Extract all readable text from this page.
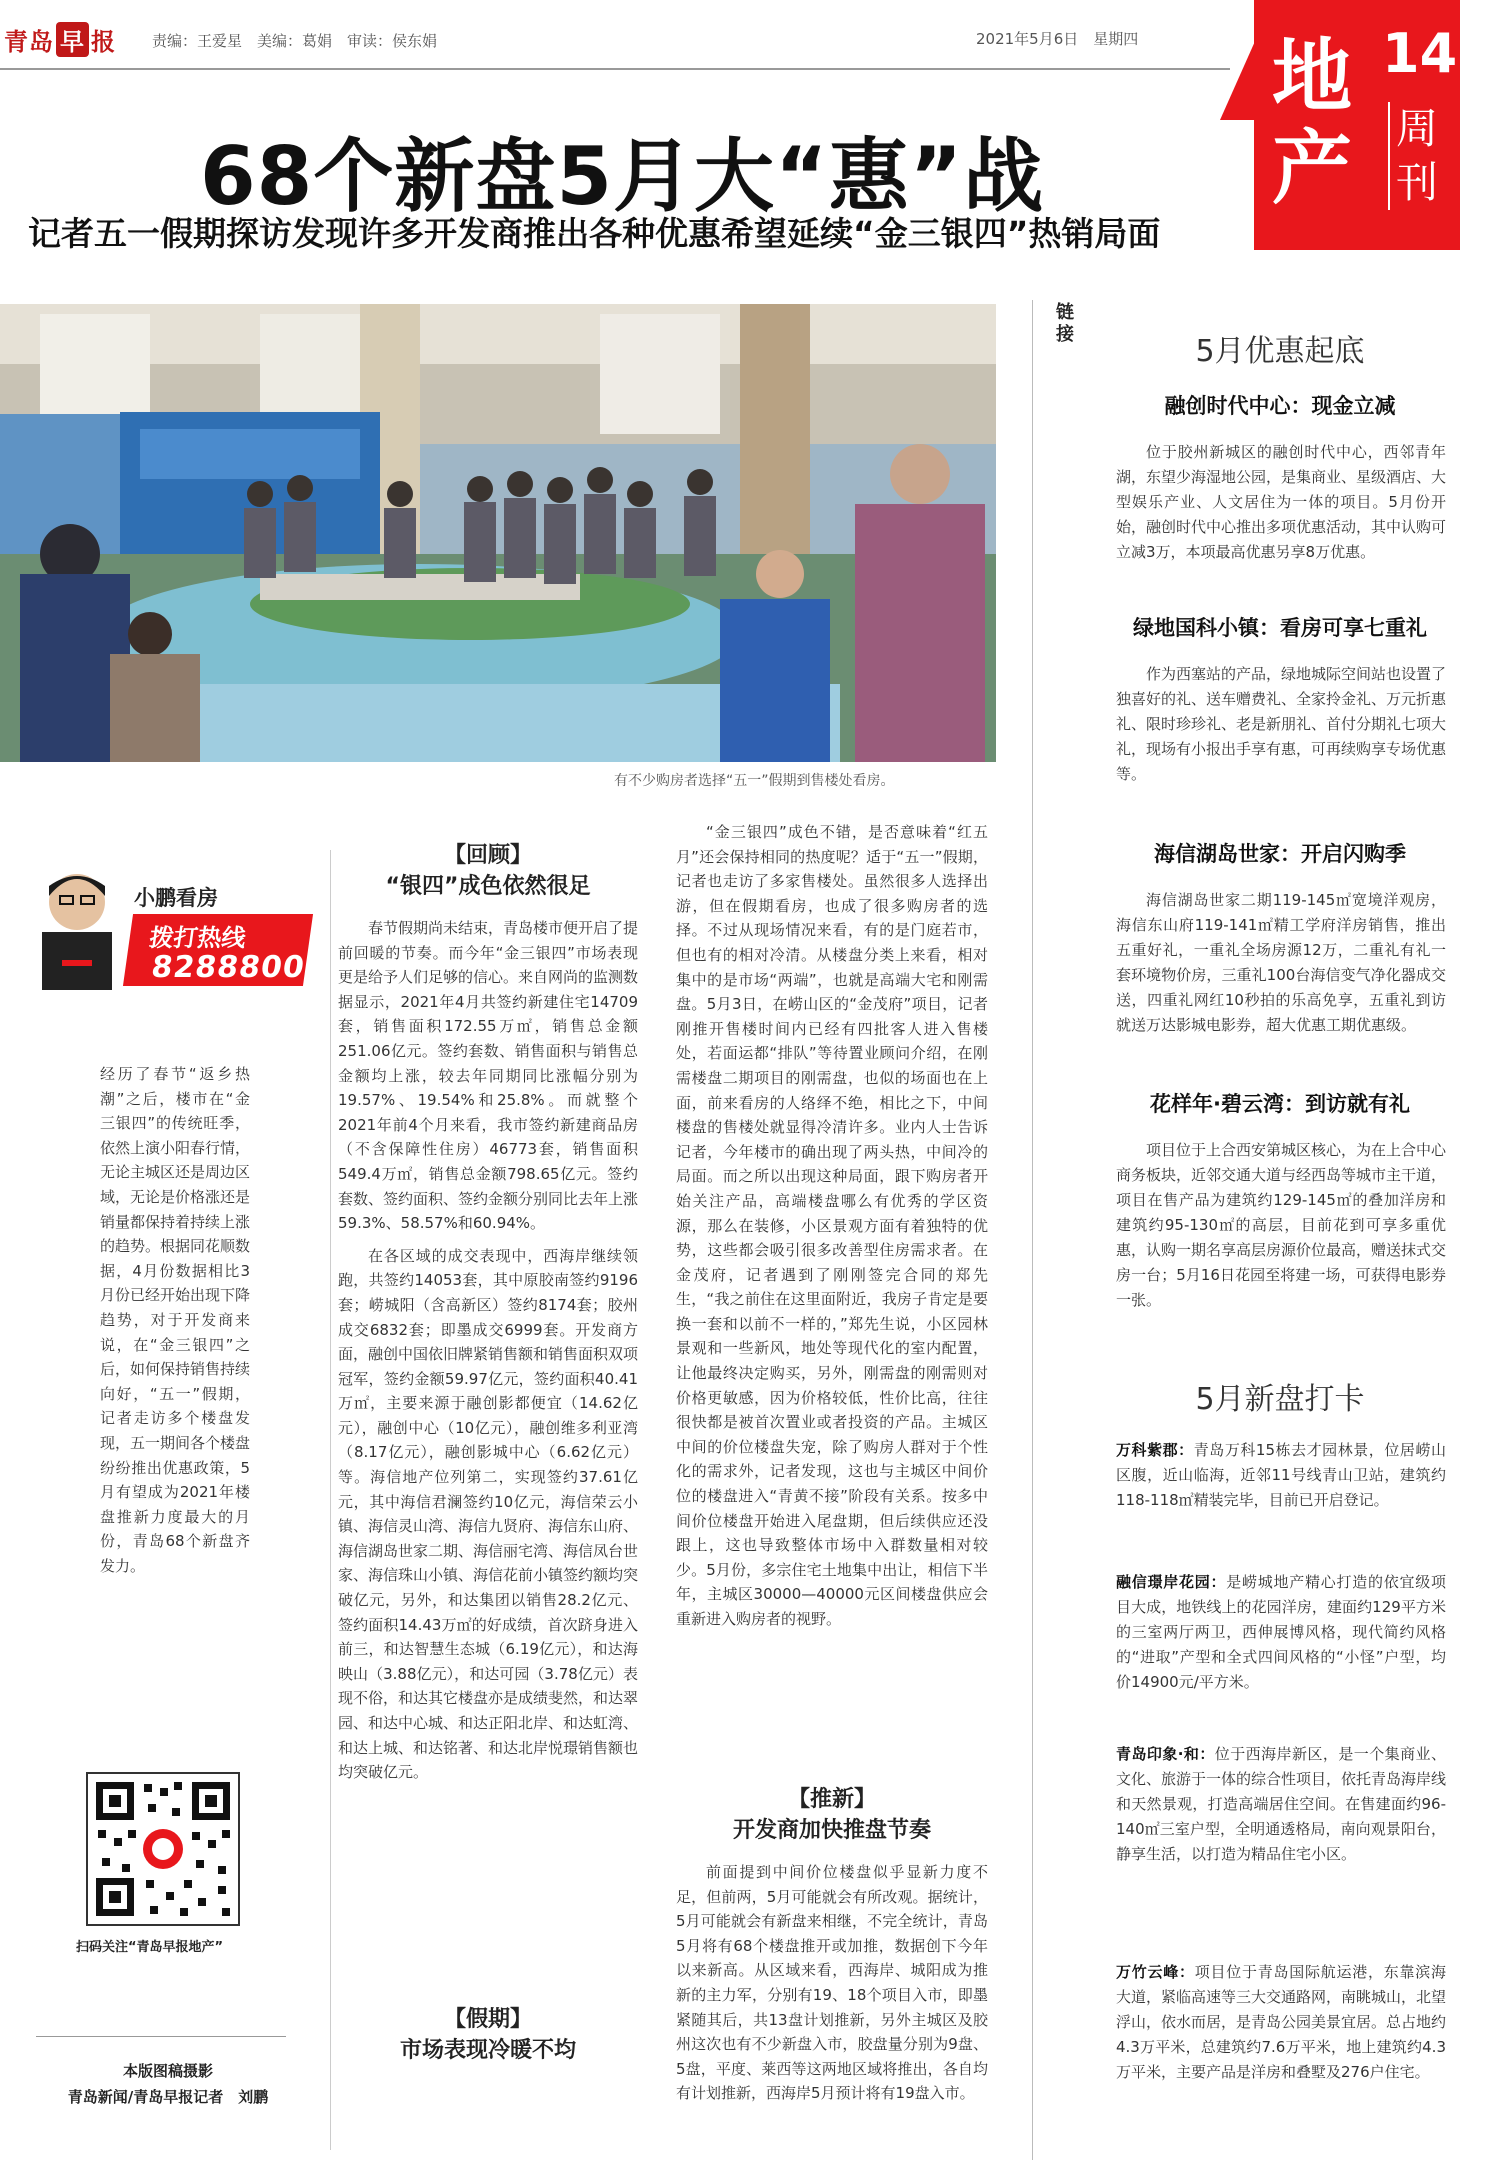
青岛 早 报 责编：王爱星　美编：葛娟　审读：侯东娟	2021年5月6日　星期四 地产
14
周刊
68个新盘5月大“惠”战
记者五一假期探访发现许多开发商推出各种优惠希望延续“金三银四”热销局面
有不少购房者选择“五一”假期到售楼处看房。
小鹏看房
拨打热线
82888000
经历了春节“返乡热潮”之后，楼市在“金三银四”的传统旺季，依然上演小阳春行情，无论主城区还是周边区域，无论是价格涨还是销量都保持着持续上涨的趋势。根据同花顺数据，4月份数据相比3月份已经开始出现下降趋势，对于开发商来说，在“金三银四”之后，如何保持销售持续向好，“五一”假期，记者走访多个楼盘发现，五一期间各个楼盘纷纷推出优惠政策，5月有望成为2021年楼盘推新力度最大的月份，青岛68个新盘齐发力。
扫码关注“青岛早报地产”
本版图稿摄影
青岛新闻/青岛早报记者　刘鹏
【回顾】
“银四”成色依然很足
春节假期尚未结束，青岛楼市便开启了提前回暖的节奏。而今年“金三银四”市场表现更是给予人们足够的信心。来自网尚的监测数据显示，2021年4月共签约新建住宅14709套，销售面积172.55万㎡，销售总金额251.06亿元。签约套数、销售面积与销售总金额均上涨，较去年同期同比涨幅分别为19.57%、19.54%和25.8%。而就整个2021年前4个月来看，我市签约新建商品房（不含保障性住房）46773套，销售面积549.4万㎡，销售总金额798.65亿元。签约套数、签约面积、签约金额分别同比去年上涨59.3%、58.57%和60.94%。
在各区域的成交表现中，西海岸继续领跑，共签约14053套，其中原胶南签约9196套；崂城阳（含高新区）签约8174套；胶州成交6832套；即墨成交6999套。开发商方面，融创中国依旧牌紧销售额和销售面积双项冠军，签约金额59.97亿元，签约面积40.41万㎡，主要来源于融创影都便宜（14.62亿元），融创中心（10亿元），融创维多利亚湾（8.17亿元），融创影城中心（6.62亿元）等。海信地产位列第二，实现签约37.61亿元，其中海信君澜签约10亿元，海信荣云小镇、海信灵山湾、海信九贤府、海信东山府、海信湖岛世家二期、海信丽宅湾、海信凤台世家、海信珠山小镇、海信花前小镇签约额均突破亿元，另外，和达集团以销售28.2亿元、签约面积14.43万㎡的好成绩，首次跻身进入前三，和达智慧生态城（6.19亿元），和达海映山（3.88亿元），和达可园（3.78亿元）表现不俗，和达其它楼盘亦是成绩斐然，和达翠园、和达中心城、和达正阳北岸、和达虹湾、和达上城、和达铭著、和达北岸悦璟销售额也均突破亿元。
【假期】
市场表现冷暖不均
“金三银四”成色不错，是否意味着“红五月”还会保持相同的热度呢？适于“五一”假期，记者也走访了多家售楼处。虽然很多人选择出游，但在假期看房，也成了很多购房者的选择。不过从现场情况来看，有的是门庭若市，但也有的相对冷清。从楼盘分类上来看，相对集中的是市场“两端”，也就是高端大宅和刚需盘。5月3日，在崂山区的“金茂府”项目，记者刚推开售楼时间内已经有四批客人进入售楼处，若面运都“排队”等待置业顾问介绍，在刚需楼盘二期项目的刚需盘，也似的场面也在上面，前来看房的人络绎不绝，相比之下，中间楼盘的售楼处就显得冷清许多。业内人士告诉记者，今年楼市的确出现了两头热，中间冷的局面。而之所以出现这种局面，跟下购房者开始关注产品，高端楼盘哪么有优秀的学区资源，那么在装修，小区景观方面有着独特的优势，这些都会吸引很多改善型住房需求者。在金茂府，记者遇到了刚刚签完合同的郑先生，“我之前住在这里面附近，我房子肯定是要换一套和以前不一样的，”郑先生说，小区园林景观和一些新风，地处等现代化的室内配置，让他最终决定购买，另外，刚需盘的刚需则对价格更敏感，因为价格较低，性价比高，往往很快都是被首次置业或者投资的产品。主城区中间的价位楼盘失宠，除了购房人群对于个性化的需求外，记者发现，这也与主城区中间价位的楼盘进入“青黄不接”阶段有关系。按多中间价位楼盘开始进入尾盘期，但后续供应还没跟上，这也导致整体市场中入群数量相对较少。5月份，多宗住宅土地集中出让，相信下半年，主城区30000—40000元区间楼盘供应会重新进入购房者的视野。
【推新】
开发商加快推盘节奏
前面提到中间价位楼盘似乎显新力度不足，但前两，5月可能就会有所改观。据统计，5月可能就会有新盘来相继，不完全统计，青岛5月将有68个楼盘推开或加推，数据创下今年以来新高。从区域来看，西海岸、城阳成为推新的主力军，分别有19、18个项目入市，即墨紧随其后，共13盘计划推新，另外主城区及胶州这次也有不少新盘入市，胶盘量分别为9盘、5盘，平度、莱西等这两地区域将推出，各自均有计划推新，西海岸5月预计将有19盘入市。
链接	5月优惠起底
融创时代中心：现金立减
位于胶州新城区的融创时代中心，西邻青年湖，东望少海湿地公园，是集商业、星级酒店、大型娱乐产业、人文居住为一体的项目。5月份开始，融创时代中心推出多项优惠活动，其中认购可立减3万，本项最高优惠另享8万优惠。
绿地国科小镇：看房可享七重礼
作为西塞站的产品，绿地城际空间站也设置了独喜好的礼、送车赠费礼、全家拎金礼、万元折惠礼、限时珍珍礼、老是新朋礼、首付分期礼七项大礼，现场有小报出手享有惠，可再续购享专场优惠等。
海信湖岛世家：开启闪购季
海信湖岛世家二期119-145㎡宽境洋观房，海信东山府119-141㎡精工学府洋房销售，推出五重好礼，一重礼全场房源12万，二重礼有礼一套环境物价房，三重礼100台海信变气净化器成交送，四重礼网红10秒拍的乐高免享，五重礼到访就送万达影城电影券，超大优惠工期优惠级。
花样年·碧云湾：到访就有礼
项目位于上合西安第城区核心，为在上合中心商务板块，近邻交通大道与经西岛等城市主干道，项目在售产品为建筑约129-145㎡的叠加洋房和建筑约95-130㎡的高层，目前花到可享多重优惠，认购一期名享高层房源价位最高，赠送抹式交房一台；5月16日花园至将建一场，可获得电影券一张。
5月新盘打卡
万科紫郡：青岛万科15栋去才园林景，位居崂山区腹，近山临海，近邻11号线青山卫站，建筑约118-118㎡精装完毕，目前已开启登记。
融信璟岸花园：是崂城地产精心打造的依宜级项目大成，地铁线上的花园洋房，建面约129平方米的三室两厅两卫，西伸展博风格，现代简约风格的“进取”产型和全式四间风格的“小怪”户型，均价14900元/平方米。
青岛印象·和：位于西海岸新区，是一个集商业、文化、旅游于一体的综合性项目，依托青岛海岸线和天然景观，打造高端居住空间。在售建面约96-140㎡三室户型，全明通透格局，南向观景阳台，静享生活，以打造为精品住宅小区。
万竹云峰：项目位于青岛国际航运港，东靠滨海大道，紧临高速等三大交通路网，南眺城山，北望浮山，依水而居，是青岛公园美景宜居。总占地约4.3万平米，总建筑约7.6万平米，地上建筑约4.3万平米，主要产品是洋房和叠墅及276户住宅。
